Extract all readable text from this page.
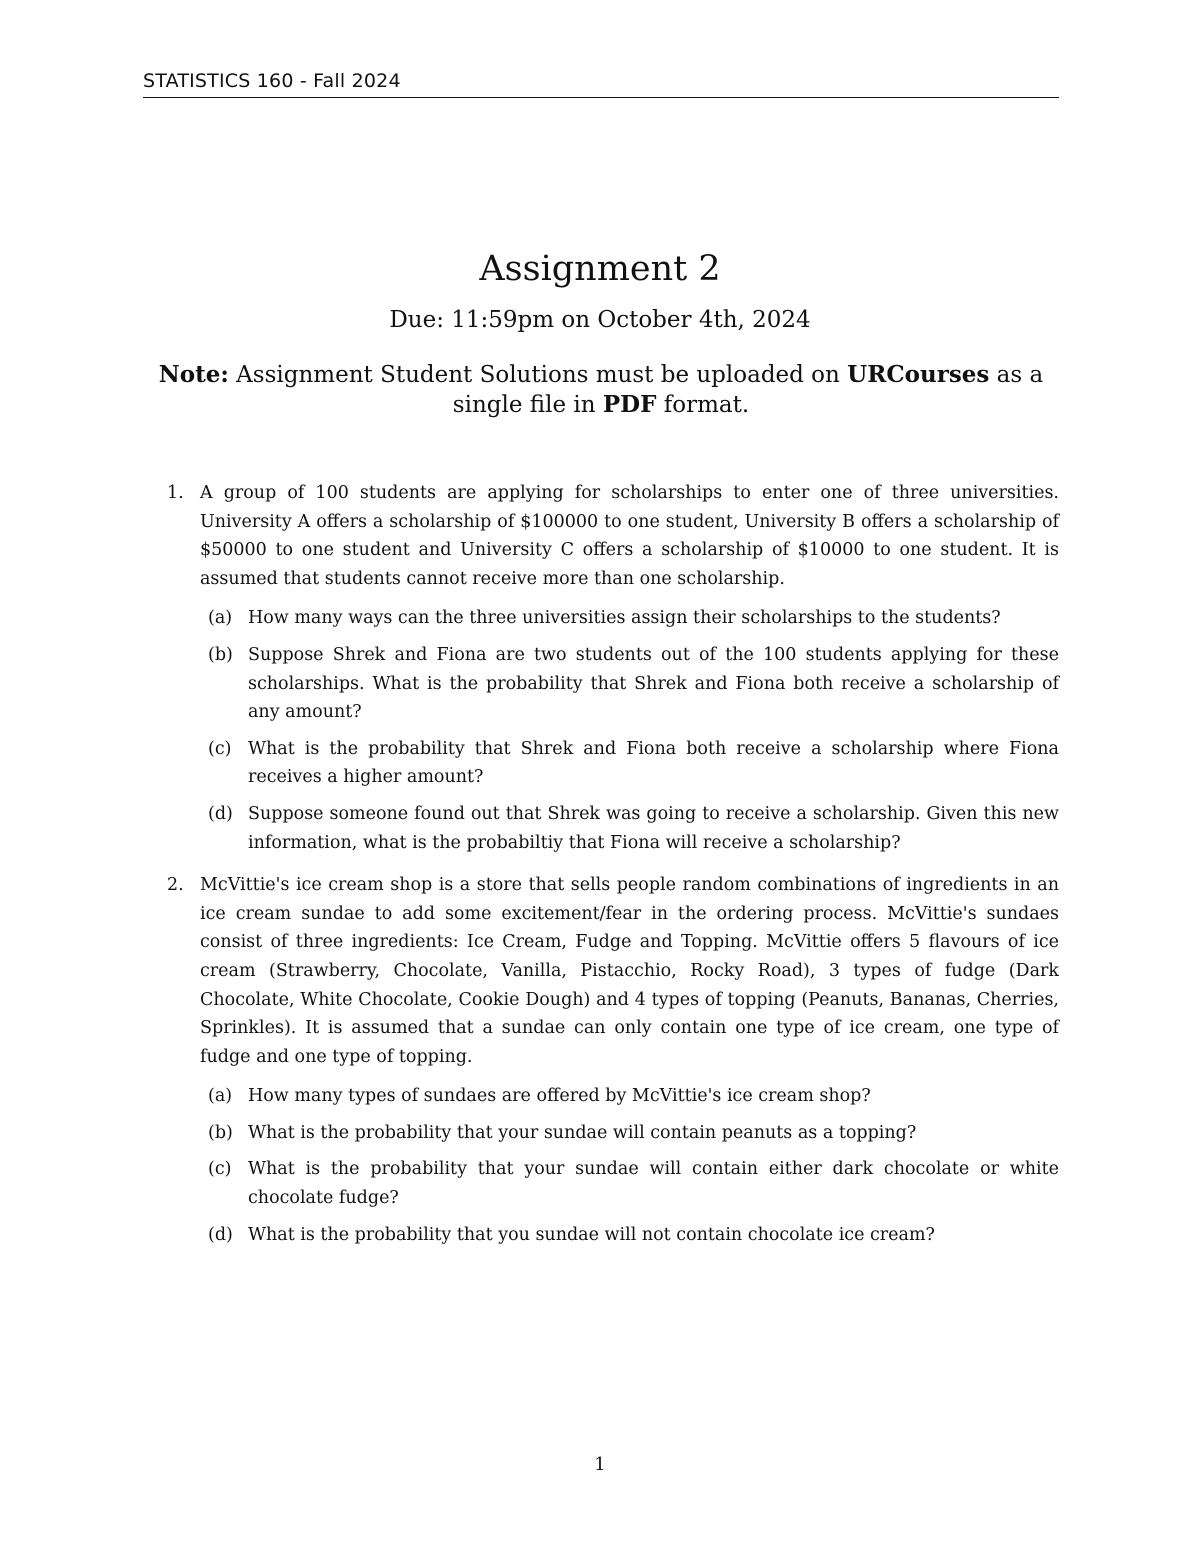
STATISTICS 160 - Fall 2024
Assignment 2
Due: 11:59pm on October 4th, 2024
Note: Assignment Student Solutions must be uploaded on URCourses as a single file in PDF format.
1. A group of 100 students are applying for scholarships to enter one of three universities. University A offers a scholarship of $100000 to one student, University B offers a scholarship of $50000 to one student and University C offers a scholarship of $10000 to one student. It is assumed that students cannot receive more than one scholarship.

(a) How many ways can the three universities assign their scholarships to the students?
(b) Suppose Shrek and Fiona are two students out of the 100 students applying for these scholarships. What is the probability that Shrek and Fiona both receive a scholarship of any amount?
(c) What is the probability that Shrek and Fiona both receive a scholarship where Fiona receives a higher amount?
(d) Suppose someone found out that Shrek was going to receive a scholarship. Given this new information, what is the probabiltiy that Fiona will receive a scholarship?
2. McVittie's ice cream shop is a store that sells people random combinations of ingredients in an ice cream sundae to add some excitement/fear in the ordering process. McVittie's sundaes consist of three ingredients: Ice Cream, Fudge and Topping. McVittie offers 5 flavours of ice cream (Strawberry, Chocolate, Vanilla, Pistacchio, Rocky Road), 3 types of fudge (Dark Chocolate, White Chocolate, Cookie Dough) and 4 types of topping (Peanuts, Bananas, Cherries, Sprinkles). It is assumed that a sundae can only contain one type of ice cream, one type of fudge and one type of topping.

(a) How many types of sundaes are offered by McVittie's ice cream shop?
(b) What is the probability that your sundae will contain peanuts as a topping?
(c) What is the probability that your sundae will contain either dark chocolate or white chocolate fudge?
(d) What is the probability that you sundae will not contain chocolate ice cream?
1
